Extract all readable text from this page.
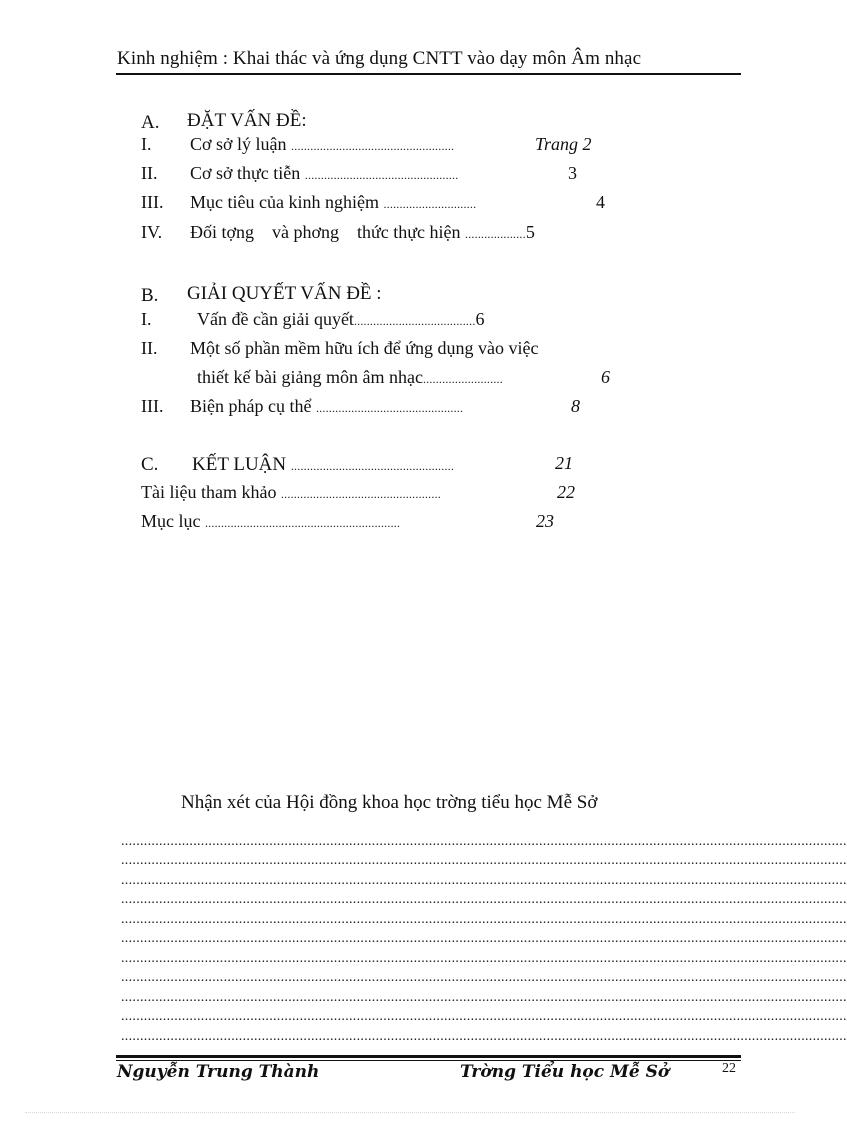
Kinh nghiệm : Khai thác và ứng dụng CNTT vào dạy môn Âm nhạc
A. ĐẶT VẤN ĐỀ:
I. Cơ sở lý luận ...................................................	Trang 2
II. Cơ sở thực tiễn ................................................	3
III. Mục tiêu của kinh nghiệm .............................	4
IV. Đối tợng    và phơng    thức thực hiện ...................5
B. GIẢI QUYẾT VẤN ĐỀ :
I.	Vấn đề cần giải quyết......................................6
II. Một số phần mềm hữu ích để ứng dụng vào việc
thiết kế bài giảng môn âm nhạc.........................	6
III. Biện pháp cụ thể ..............................................	8
C. KẾT LUẬN ...................................................	21
Tài liệu tham khảo ..................................................	22
Mục lục .............................................................	23
Nhận xét của Hội đồng khoa học trờng tiểu học Mễ Sở
...............................................................................................................................................................................................
...............................................................................................................................................................................................
...............................................................................................................................................................................................
...............................................................................................................................................................................................
...............................................................................................................................................................................................
...............................................................................................................................................................................................
...............................................................................................................................................................................................
...............................................................................................................................................................................................
...............................................................................................................................................................................................
...............................................................................................................................................................................................
...............................................................................................................................................................................................
Nguyễn Trung Thành	Trờng Tiểu học Mễ Sở	22
